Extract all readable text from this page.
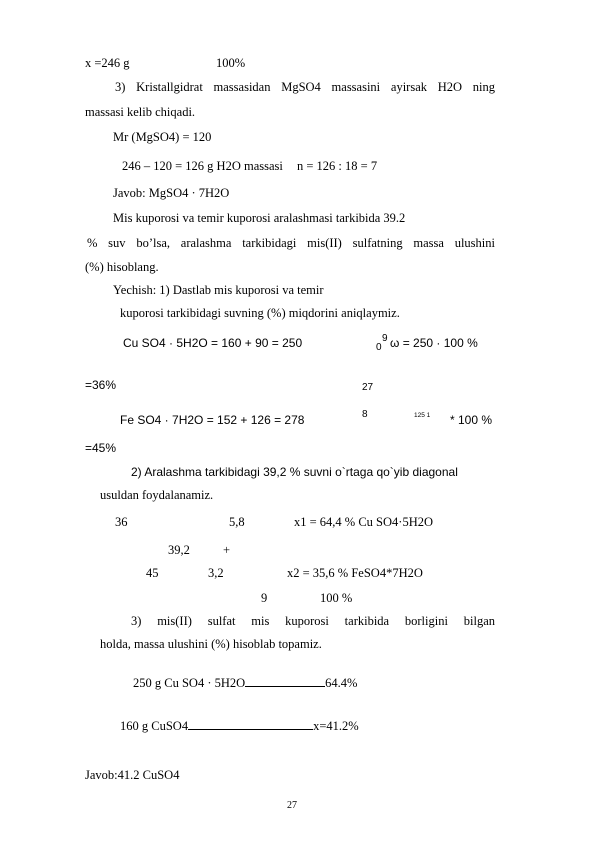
x =246 g	100%
3) Kristallgidrat massasidan MgSO4 massasini ayirsak H2O ning
massasi kelib chiqadi.
Mr (MgSO4) = 120
246 – 120 = 126 g H2O massasi n = 126 : 18 = 7
Javob: MgSO4 · 7H2O
Mis kuporosi va temir kuporosi aralashmasi tarkibida 39.2
% suv bo’lsa, aralashma tarkibidagi mis(II) sulfatning massa ulushini
(%) hisoblang.
Yechish: 1) Dastlab mis kuporosi va temir
kuporosi tarkibidagi suvning (%) miqdorini aniqlaymiz.
Cu SO4 · 5H2O = 160 + 90 = 250	0
9 ω = 250 · 100 %
=36%	27
Fe SO4 · 7H2O = 152 + 126 = 278	8	125 1 * 100 %
=45%
2) Aralashma tarkibidagi 39,2 % suvni o`rtaga qo`yib diagonal
usuldan foydalanamiz.
36	5,8	x1 = 64,4 % Cu SO4·5H2O
39,2	+
45	3,2	x2 = 35,6 % FeSO4*7H2O
9	100 %
3) mis(II) sulfat mis kuporosi tarkibida borligini bilgan
holda, massa ulushini (%) hisoblab topamiz.
250 g Cu SO4 · 5H2O	64.4%
160 g CuSO4	x=41.2%
Javob:41.2 CuSO4
27
